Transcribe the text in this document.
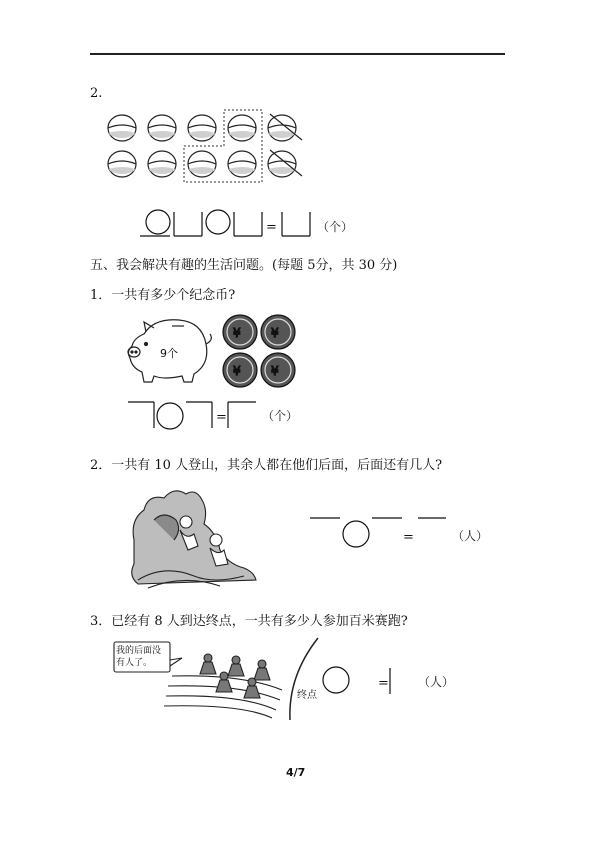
2.
=	（个）
五、我会解决有趣的生活问题。(每题 5分，共 30 分)
1．一共有多少个纪念币?
9个
¥	¥
¥	¥
=	（个）
2．一共有 10 人登山，其余人都在他们后面，后面还有几人?
=	（人）
3．已经有 8 人到达终点，一共有多少人参加百米赛跑?
我的后面没有人了。
终点
= （人）
4/7
